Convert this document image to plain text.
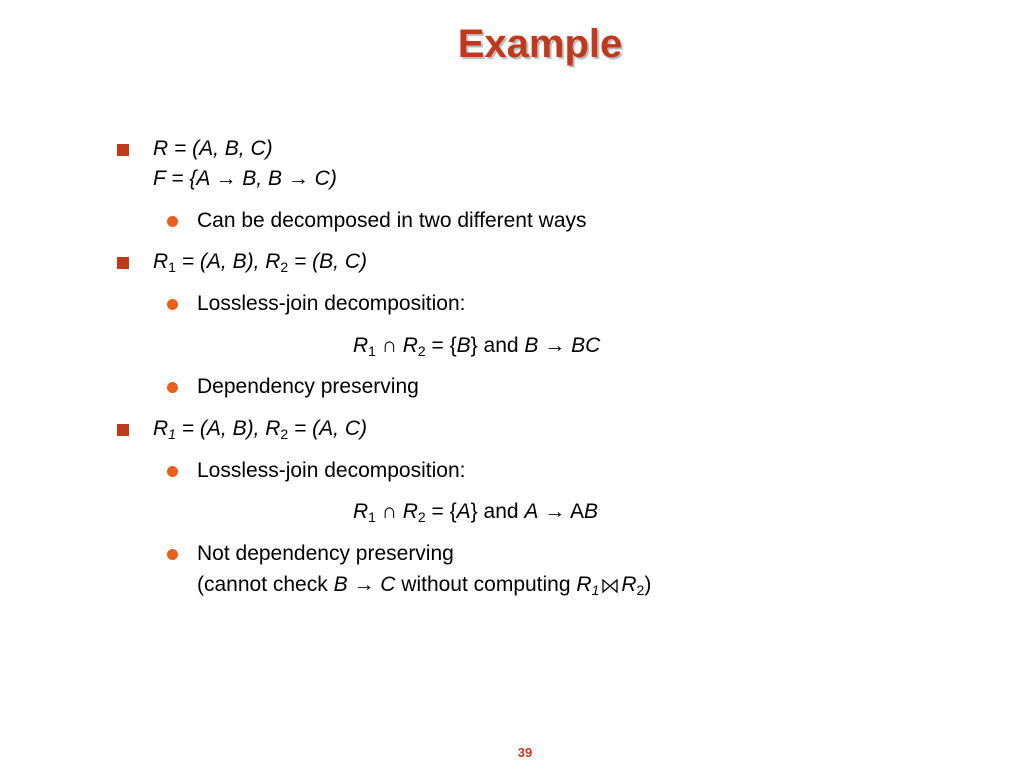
Example
R = (A, B, C)
F = {A → B, B → C)
Can be decomposed in two different ways
$R_1 = (A$, B), $R_2 = (B$, C)
Lossless-join decomposition:
$R_1$ ∩ $R_2 = \{B\}$ and B → BC
Dependency preserving
$R_1 = (A$, B), $R_2 = (A$, C)
Lossless-join decomposition:
$R_1$ ∩ $R_2 = \{A\}$ and A → AB
Not dependency preserving
(cannot check B → C without computing $R_1$ $R_2$)
39
